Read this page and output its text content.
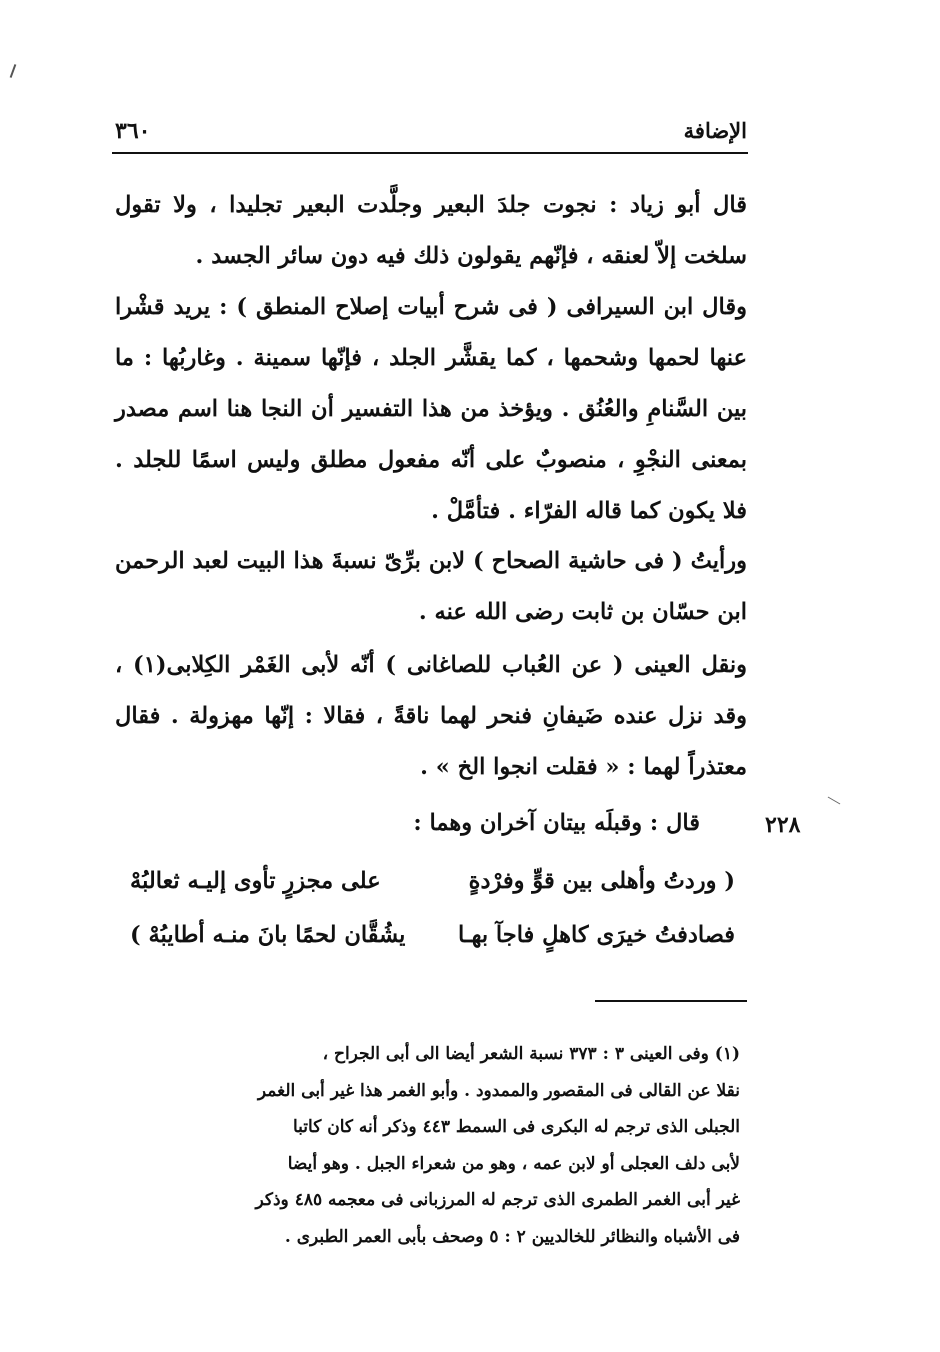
الإضافة
٣٦٠

قال أبو زياد : نجوت جلدَ البعير وجلَّدت البعير تجليدا ، ولا تقول سلخت إلاّ لعنقه ، فإنّهم يقولون ذلك فيه دون سائر الجسد .

وقال ابن السيرافى ( فى شرح أبيات إصلاح المنطق ) : يريد قشْرا عنها لحمها وشحمها ، كما يقشَّر الجلد ، فإنّها سمينة . وغاربُها : ما بين السَّنامِ والعُنُق . ويؤخذ من هذا التفسير أن النجا هنا اسم مصدر بمعنى النجْوِ ، منصوبٌ على أنّه مفعول مطلق وليس اسمًا للجلد . فلا يكون كما قاله الفرّاء . فتأمَّلْ .

ورأيتُ ( فى حاشية الصحاح ) لابن برِّىّ نسبةَ هذا البيت لعبد الرحمن ابن حسّان بن ثابت رضى الله عنه .

ونقل العينى ( عن العُباب للصاغانى ) أنّه لأبى الغَمْر الكِلابى(١) ، وقد نزل عنده ضَيفانِ فنحر لهما ناقةً ، فقالا : إنّها مهزولة . فقال معتذراً لهما : « فقلت انجوا الخ » .

٢٢٨
قال : وقبلَه بيتان آخران وهما :
( وردتُ وأهلى بين قوٍّ وفرْدةٍ
على مجزرٍ تأوى إليـه ثعالبُهْ
فصادفتُ خيرَى كاهلٍ فاجآ بهـا
يشُقَّان لحمًا بانَ منـه أطايبُهْ )

(١) وفى العينى ٣ : ٣٧٣ نسبة الشعر أيضا الى أبى الجراح ،

نقلا عن القالى فى المقصور والممدود . وأبو الغمر هذا غير أبى الغمر

الجبلى الذى ترجم له البكرى فى السمط ٤٤٣ وذكر أنه كان كاتبا

لأبى دلف العجلى أو لابن عمه ، وهو من شعراء الجبل . وهو أيضا

غير أبى الغمر الطمرى الذى ترجم له المرزبانى فى معجمه ٤٨٥ وذكر

فى الأشباه والنظائر للخالديين ٢ : ٥ وصحف بأبى العمر الطبرى .
